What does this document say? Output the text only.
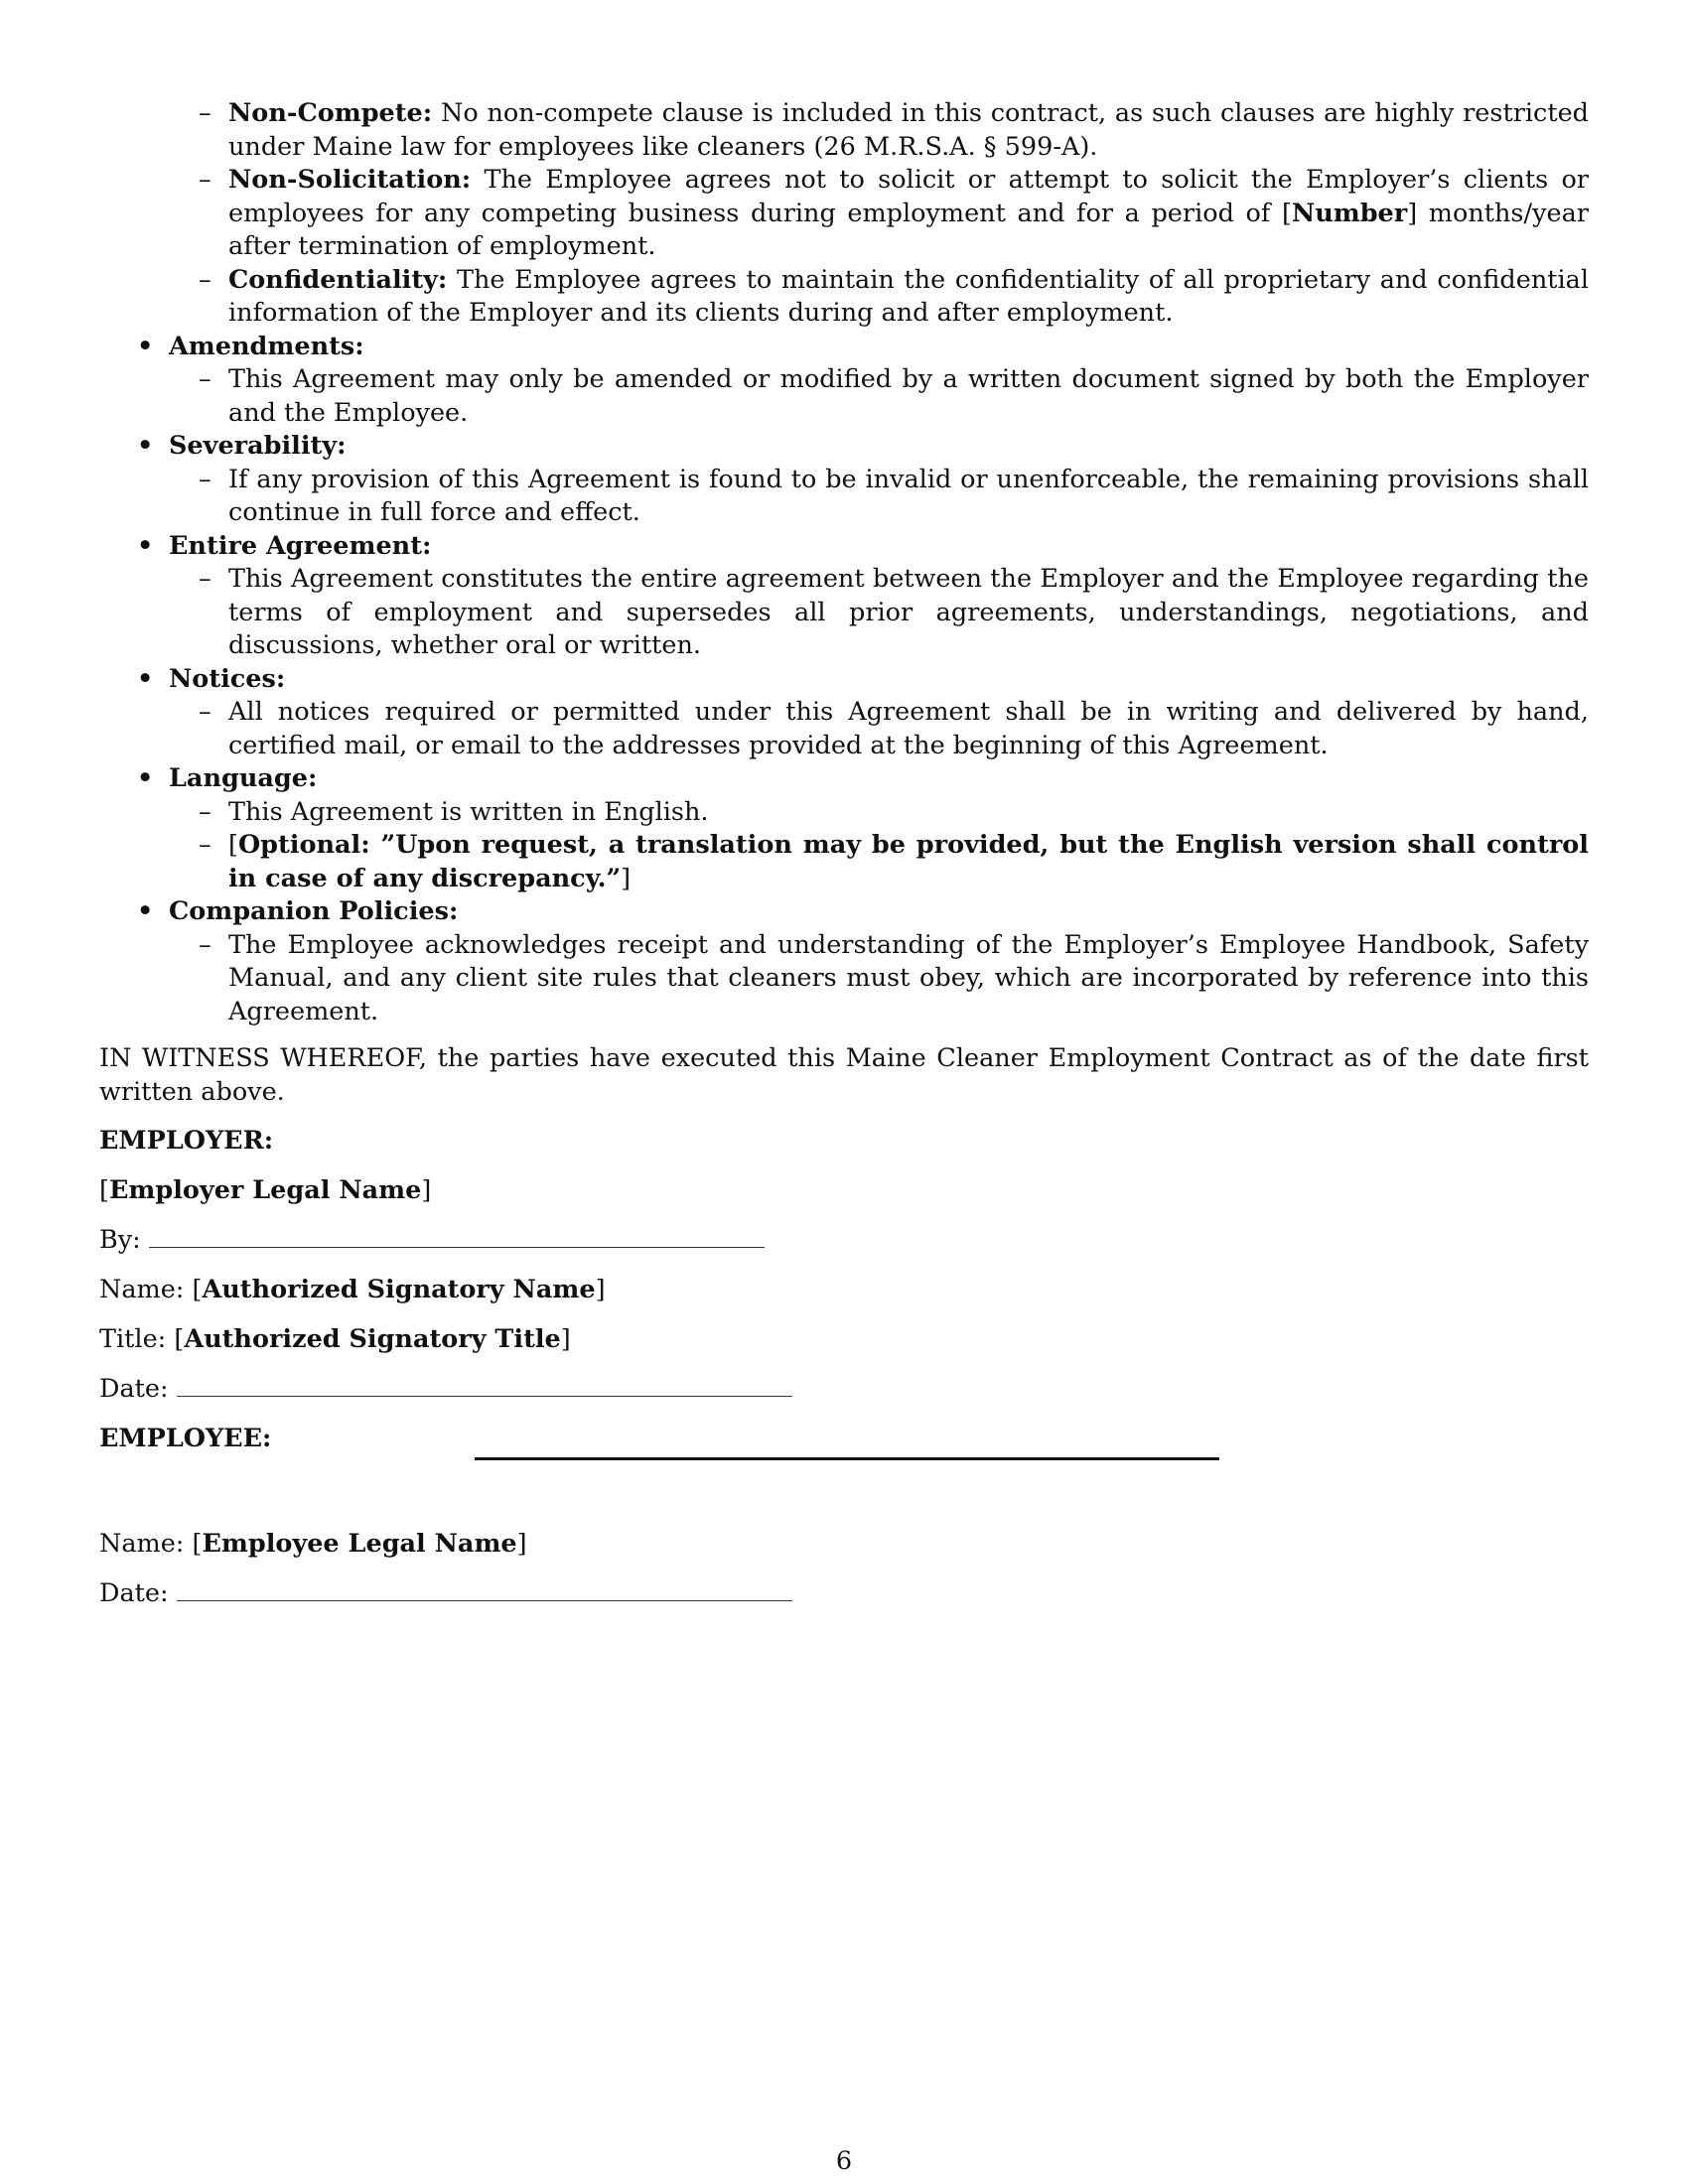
– Non-Compete: No non-compete clause is included in this contract, as such clauses are highly restricted under Maine law for employees like cleaners (26 M.R.S.A. § 599-A).
– Non-Solicitation: The Employee agrees not to solicit or attempt to solicit the Employer’s clients or employees for any competing business during employment and for a period of [Number] months/year after termination of employment.
– Confidentiality: The Employee agrees to maintain the confidentiality of all proprietary and confidential information of the Employer and its clients during and after employment.
• Amendments:
– This Agreement may only be amended or modified by a written document signed by both the Employer and the Employee.
• Severability:
– If any provision of this Agreement is found to be invalid or unenforceable, the remaining provisions shall continue in full force and effect.
• Entire Agreement:
– This Agreement constitutes the entire agreement between the Employer and the Employee regarding the terms of employment and supersedes all prior agreements, understandings, negotiations, and discussions, whether oral or written.
• Notices:
– All notices required or permitted under this Agreement shall be in writing and delivered by hand, certified mail, or email to the addresses provided at the beginning of this Agreement.
• Language:
– This Agreement is written in English.
– [Optional: ”Upon request, a translation may be provided, but the English version shall control in case of any discrepancy.”]
• Companion Policies:
– The Employee acknowledges receipt and understanding of the Employer’s Employee Handbook, Safety Manual, and any client site rules that cleaners must obey, which are incorporated by reference into this Agreement.

IN WITNESS WHEREOF, the parties have executed this Maine Cleaner Employment Contract as of the date first written above.

EMPLOYER:

[Employer Legal Name]

By:

Name: [Authorized Signatory Name]

Title: [Authorized Signatory Title]

Date:

EMPLOYEE:

Name: [Employee Legal Name]

Date:

6
